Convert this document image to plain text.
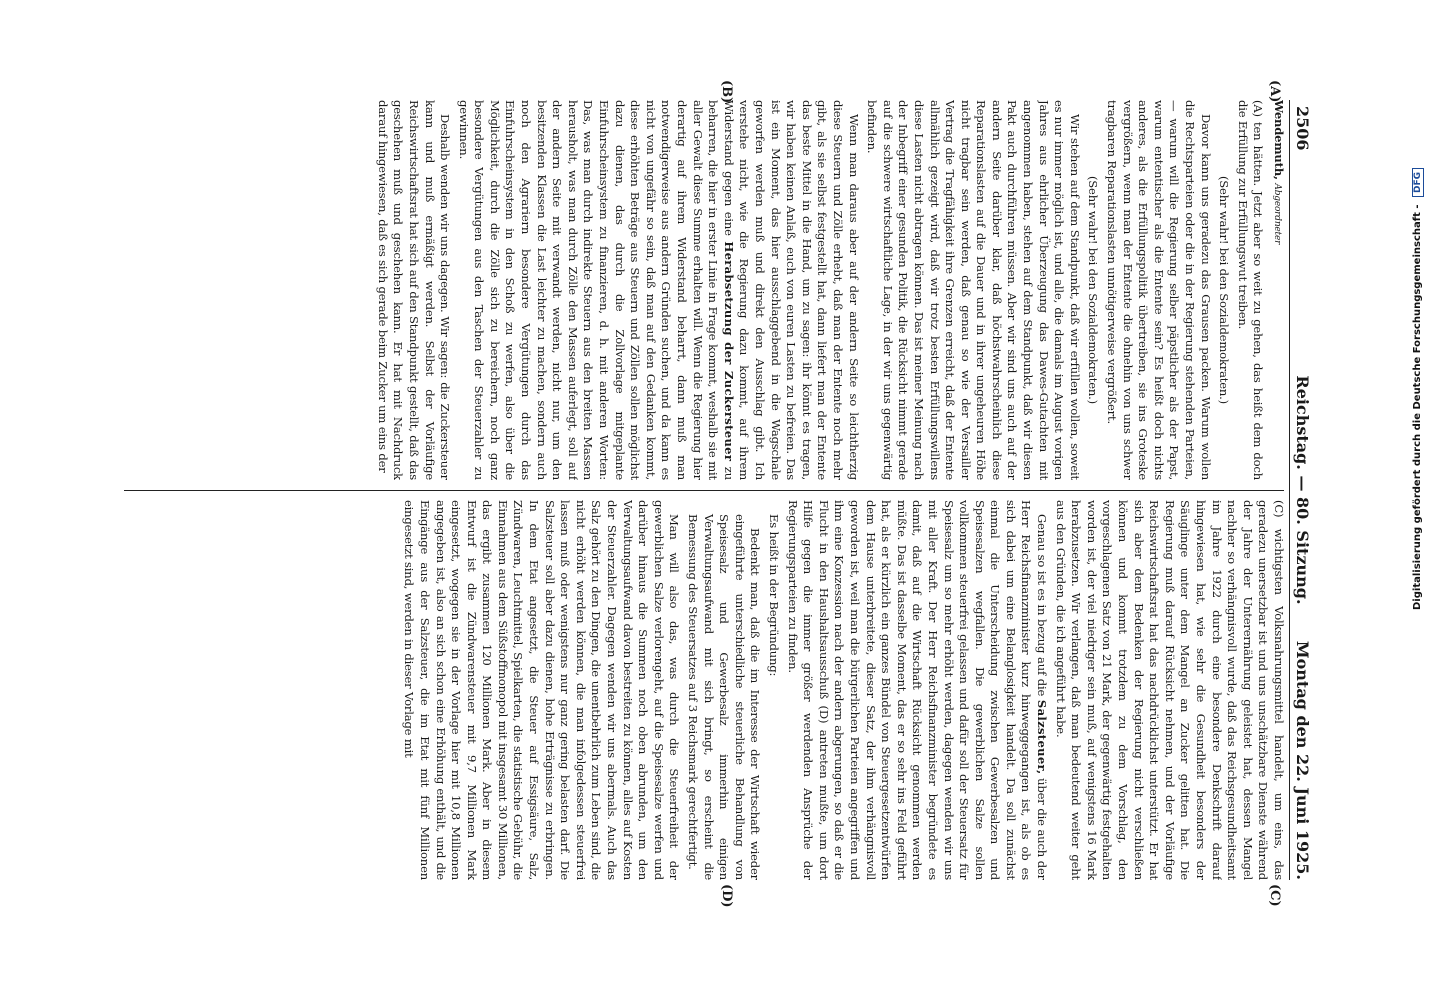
2506
Reichstag. — 80. Sitzung.
Montag den 22. Juni 1925.

Wendemuth, Abgeordneter

(A) ten hätten. Jetzt aber so weit zu gehen, das heißt dem doch die Erfüllung zur Erfüllungswut treiben.

(Sehr wahr! bei den Sozialdemokraten.)

Davor kann uns geradezu das Grausen packen. Warum wollen die Rechtsparteien oder die in der Regierung stehenden Parteien, — warum will die Regierung selber päpstlicher als der Papst, warum ententischer als die Entente sein? Es heißt doch nichts anderes, als die Erfüllungspolitik übertreiben, sie ins Groteske vergrößern, wenn man der Entente die ohnehin von uns schwer tragbaren Reparationslasten unnötigerweise vergrößert.

(Sehr wahr! bei den Sozialdemokraten.)

Wir stehen auf dem Standpunkt, daß wir erfüllen wollen, soweit es nur immer möglich ist, und alle, die damals im August vorigen Jahres aus ehrlicher Überzeugung das Dawes-Gutachten mit angenommen haben, stehen auf dem Standpunkt, daß wir diesen Pakt auch durchführen müssen. Aber wir sind uns auch auf der andern Seite darüber klar, daß höchstwahrscheinlich diese Reparationslasten auf die Dauer und in ihrer ungeheuren Höhe nicht tragbar sein werden, daß genau so wie der Versailler Vertrag die Tragfähigkeit ihre Grenzen erreicht, daß der Entente allmählich gezeigt wird, daß wir trotz besten Erfüllungswillens diese Lasten nicht abtragen können. Das ist meiner Meinung nach der Inbegriff einer gesunden Politik, die Rücksicht nimmt gerade auf die schwere wirtschaftliche Lage, in der wir uns gegenwärtig befinden.

Wenn man daraus aber auf der andern Seite so leichtherzig diese Steuern und Zölle erhebt, daß man der Entente noch mehr gibt, als sie selbst festgestellt hat, dann liefert man der Entente das beste Mittel in die Hand, um zu sagen: ihr könnt es tragen, wir haben keinen Anlaß, euch von euren Lasten zu befreien. Das ist ein Moment, das hier ausschlaggebend in die Wagschale geworfen werden muß und direkt den Ausschlag gibt. Ich verstehe nicht, wie die Regierung dazu kommt, auf ihrem Widerstand gegen eine Herabsetzung der Zuckersteuer zu beharren, die hier in erster Linie in Frage kommt, weshalb sie mit aller Gewalt diese Summe erhalten will. Wenn die Regierung hier derartig auf ihrem Widerstand beharrt, dann muß man notwendigerweise aus andern Gründen suchen, und da kann es nicht von ungefähr so sein, daß man auf den Gedanken kommt, diese erhöhten Beträge aus Steuern und Zöllen sollen möglichst dazu dienen, das durch die Zollvorlage mitgeplante Einfuhrscheinsystem zu finanzieren, d. h. mit anderen Worten: Das, was man durch indirekte Steuern aus den breiten Massen herausholt, was man durch Zölle den Massen auferlegt, soll auf der andern Seite mit verwandt werden, nicht nur, um den besitzenden Klassen die Last leichter zu machen, sondern auch noch den Agrariern besondere Vergütungen durch das Einfuhrscheinsystem in den Schoß zu werfen, also über die Möglichkeit, durch die Zölle sich zu bereichern, noch ganz besondere Vergütungen aus den Taschen der Steuerzahler zu gewinnen.

Deshalb wenden wir uns dagegen. Wir sagen: die Zuckersteuer kann und muß ermäßigt werden. Selbst der Vorläufige Reichswirtschaftsrat hat sich auf den Standpunkt gestellt, daß das geschehen muß und geschehen kann. Er hat mit Nachdruck darauf hingewiesen, daß es sich gerade beim Zucker um eins der

(C) wichtigsten Volksnahrungsmittel handelt, um eins, das geradezu unersetzbar ist und uns unschätzbare Dienste während der Jahre der Unterernährung geleistet hat, dessen Mangel nachher so verhängnisvoll wurde, daß das Reichsgesundheitsamt im Jahre 1922 durch eine besondere Denkschrift darauf hingewiesen hat, wie sehr die Gesundheit besonders der Säuglinge unter dem Mangel an Zucker gelitten hat. Die Regierung muß darauf Rücksicht nehmen, und der Vorläufige Reichswirtschaftsrat hat das nachdrücklichst unterstützt. Er hat sich aber dem Bedenken der Regierung nicht verschließen können und kommt trotzdem zu dem Vorschlag, den vorgeschlagenen Satz von 21 Mark, der gegenwärtig festgehalten worden ist, der viel niedriger sein muß, auf wenigstens 16 Mark herabzusetzen. Wir verlangen, daß man bedeutend weiter geht aus den Gründen, die ich angeführt habe.

Genau so ist es in bezug auf die Salzsteuer, über die auch der Herr Reichsfinanzminister kurz hinweggegangen ist, als ob es sich dabei um eine Belanglosigkeit handelt. Da soll zunächst einmal die Unterscheidung zwischen Gewerbesalzen und Speisesalzen wegfallen. Die gewerblichen Salze sollen vollkommen steuerfrei gelassen und dafür soll der Steuersatz für Speisesalz um so mehr erhöht werden, dagegen wenden wir uns mit aller Kraft. Der Herr Reichsfinanzminister begründete es damit, daß auf die Wirtschaft Rücksicht genommen werden müßte. Das ist dasselbe Moment, das er so sehr ins Feld geführt hat, als er kürzlich ein ganzes Bündel von Steuergesetzentwürfen dem Hause unterbreitete, dieser Satz, der ihm verhängnisvoll geworden ist, weil man die bürgerlichen Parteien angegriffen und ihm eine Konzession nach der andern abgerungen, so daß er die Flucht in den Haushaltsausschuß (D) antreten mußte, um dort Hilfe gegen die immer größer werdenden Ansprüche der Regierungsparteien zu finden.

Es heißt in der Begründung:

Bedenkt man, daß die im Interesse der Wirtschaft wieder eingeführte unterschiedliche steuerliche Behandlung von Speisesalz und Gewerbesalz immerhin einigen Verwaltungsaufwand mit sich bringt, so erscheint die Bemessung des Steuersatzes auf 3 Reichsmark gerechtfertigt.

Man will also das, was durch die Steuerfreiheit der gewerblichen Salze verlorengeht, auf die Speisesalze werfen und darüber hinaus die Summen noch oben abrunden, um den Verwaltungsaufwand davon bestreiten zu können, alles auf Kosten der Steuerzahler. Dagegen wenden wir uns abermals. Auch das Salz gehört zu den Dingen, die unentbehrlich zum Leben sind, die nicht erhöht werden können, die man infolgedessen steuerfrei lassen muß oder wenigstens nur ganz gering belasten darf. Die Salzsteuer soll aber dazu dienen, hohe Erträgnisse zu erbringen. In dem Etat angesetzt, die Steuer auf Essigsäure, Salz, Zündwaren, Leuchtmittel, Spielkarten, die statistische Gebühr, die Einnahmen aus dem Süßstoffmonopol mit insgesamt 30 Millionen, das ergibt zusammen 120 Millionen Mark. Aber in diesem Entwurf ist die Zündwarensteuer mit 9,7 Millionen Mark eingesetzt, wogegen sie in der Vorlage hier mit 10,8 Millionen angegeben ist, also an sich schon eine Erhöhung enthält, und die Eingänge aus der Salzsteuer, die im Etat mit fünf Millionen eingesetzt sind, werden in dieser Vorlage mit

(A)
(B)
(C)
(D)
Digitalisierung gefördert durch die Deutsche Forschungsgemeinschaft - DFG
